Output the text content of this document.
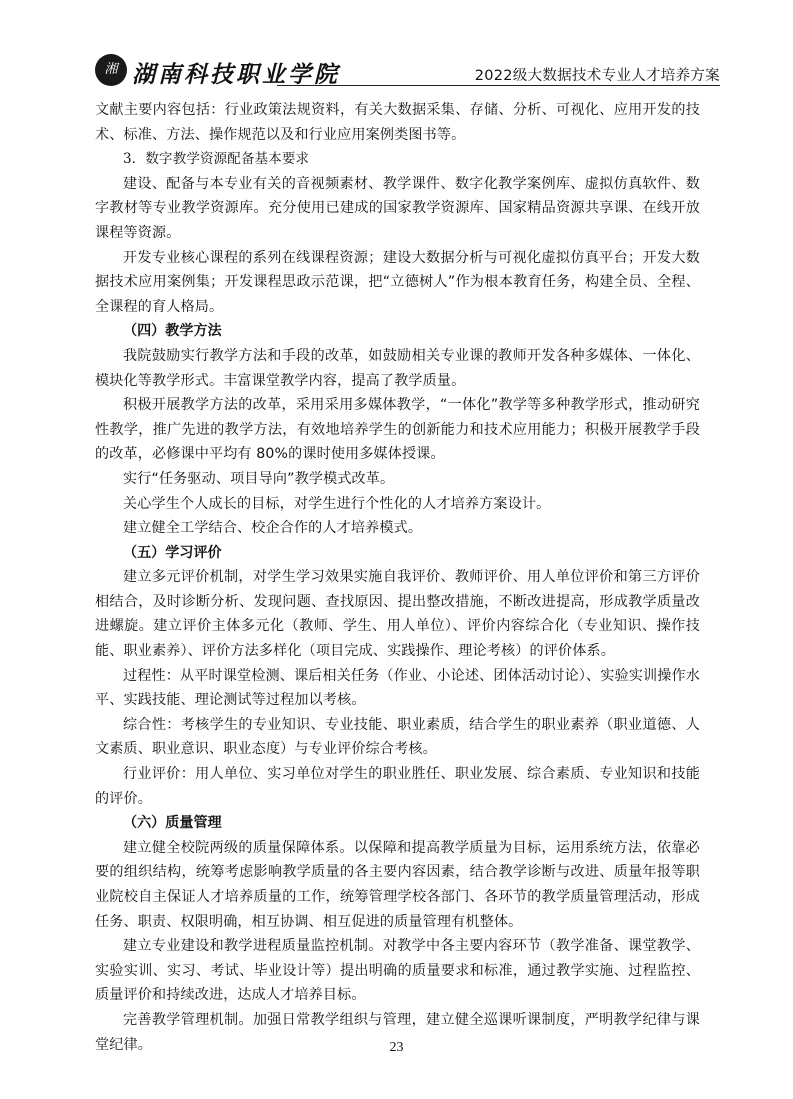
湘 湖南科技职业学院	2022级大数据技术专业人才培养方案

文献主要内容包括：行业政策法规资料，有关大数据采集、存储、分析、可视化、应用开发的技术、标准、方法、操作规范以及和行业应用案例类图书等。

3．数字教学资源配备基本要求

建设、配备与本专业有关的音视频素材、教学课件、数字化教学案例库、虚拟仿真软件、数字教材等专业教学资源库。充分使用已建成的国家教学资源库、国家精品资源共享课、在线开放课程等资源。

开发专业核心课程的系列在线课程资源；建设大数据分析与可视化虚拟仿真平台；开发大数据技术应用案例集；开发课程思政示范课，把“立德树人”作为根本教育任务，构建全员、全程、全课程的育人格局。

（四）教学方法

我院鼓励实行教学方法和手段的改革，如鼓励相关专业课的教师开发各种多媒体、一体化、模块化等教学形式。丰富课堂教学内容，提高了教学质量。

积极开展教学方法的改革，采用采用多媒体教学，“一体化”教学等多种教学形式，推动研究性教学，推广先进的教学方法，有效地培养学生的创新能力和技术应用能力；积极开展教学手段的改革，必修课中平均有 80%的课时使用多媒体授课。

实行“任务驱动、项目导向”教学模式改革。

关心学生个人成长的目标，对学生进行个性化的人才培养方案设计。

建立健全工学结合、校企合作的人才培养模式。

（五）学习评价

建立多元评价机制，对学生学习效果实施自我评价、教师评价、用人单位评价和第三方评价相结合，及时诊断分析、发现问题、查找原因、提出整改措施，不断改进提高，形成教学质量改进螺旋。建立评价主体多元化（教师、学生、用人单位）、评价内容综合化（专业知识、操作技能、职业素养）、评价方法多样化（项目完成、实践操作、理论考核）的评价体系。

过程性：从平时课堂检测、课后相关任务（作业、小论述、团体活动讨论）、实验实训操作水平、实践技能、理论测试等过程加以考核。

综合性：考核学生的专业知识、专业技能、职业素质，结合学生的职业素养（职业道德、人文素质、职业意识、职业态度）与专业评价综合考核。

行业评价：用人单位、实习单位对学生的职业胜任、职业发展、综合素质、专业知识和技能的评价。

（六）质量管理

建立健全校院两级的质量保障体系。以保障和提高教学质量为目标，运用系统方法，依靠必要的组织结构，统筹考虑影响教学质量的各主要内容因素，结合教学诊断与改进、质量年报等职业院校自主保证人才培养质量的工作，统筹管理学校各部门、各环节的教学质量管理活动，形成任务、职责、权限明确，相互协调、相互促进的质量管理有机整体。

建立专业建设和教学进程质量监控机制。对教学中各主要内容环节（教学准备、课堂教学、实验实训、实习、考试、毕业设计等）提出明确的质量要求和标准，通过教学实施、过程监控、质量评价和持续改进，达成人才培养目标。

完善教学管理机制。加强日常教学组织与管理，建立健全巡课听课制度，严明教学纪律与课堂纪律。	23
